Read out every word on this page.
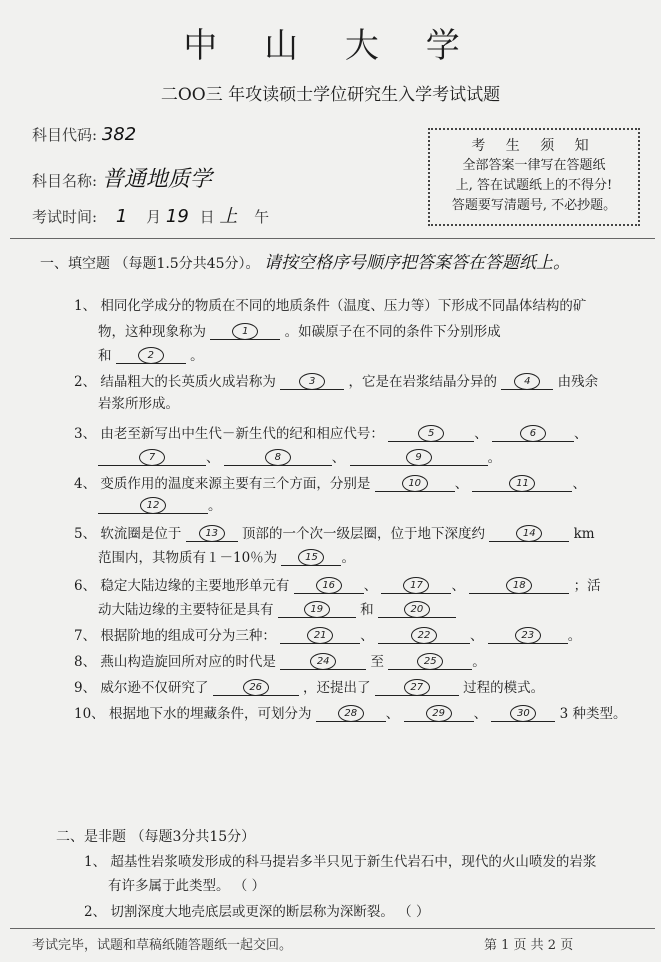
中 山 大 学
二OO三 年攻读硕士学位研究生入学考试试题
科目代码: 382
科目名称: 普通地质学
考试时间: 1 月 19 日 上 午
考 生 须 知
全部答案一律写在答题纸
上, 答在试题纸上的不得分!
答题要写清题号, 不必抄题。
一、填空题 （每题1.5分共45分）。 请按空格序号顺序把答案答在答题纸上。
1、 相同化学成分的物质在不同的地质条件（温度、压力等）下形成不同晶体结构的矿
物，这种现象称为	1	。如碳原子在不同的条件下分别形成
和	2	。
2、 结晶粗大的长英质火成岩称为	3 ，它是在岩浆结晶分异的	4 由残余
岩浆所形成。
3、 由老至新写出中生代－新生代的纪和相应代号：	5	、	6	、
7	、	8	、	9	。
4、 变质作用的温度来源主要有三个方面，分别是	10 、	11	、
12	。
5、 软流圈是位于 13 顶部的一个次一级层圈，位于地下深度约	14	km
范围内，其物质有１－10％为	15 。
6、 稳定大陆边缘的主要地形单元有	16 、	17 、	18	；活
动大陆边缘的主要特征是具有	19	和	20
7、 根据阶地的组成可分为三种：	21 、	22	、	23 。
8、 燕山构造旋回所对应的时代是	24	至	25	。
9、 威尔逊不仅研究了	26	，还提出了	27	过程的模式。
10、 根据地下水的埋藏条件，可划分为	28 、	29 、	30 3 种类型。
二、是非题 （每题3分共15分）
1、 超基性岩浆喷发形成的科马提岩多半只见于新生代岩石中，现代的火山喷发的岩浆
有许多属于此类型。 （ ）
2、 切割深度大地壳底层或更深的断层称为深断裂。 （ ）
考试完毕，试题和草稿纸随答题纸一起交回。	第 1 页 共 2 页
